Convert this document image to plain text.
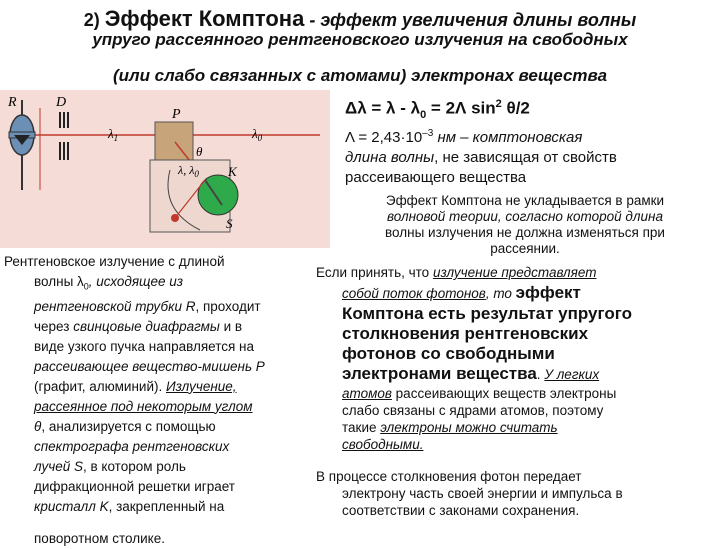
2) Эффект Комптона - эффект увеличения длины волны
упруго рассеянного рентгеновского излучения на свободных
(или слабо связанных с атомами) электронах вещества
R	D
P
$\lambda_1$	$\lambda_0$
θ
λ, $\lambda_0$ K
S
$\Delta\lambda = \lambda - \lambda_0 = 2\Lambda$ $\sin^2 \theta/2$
$\Lambda = 2,43\cdot 10^{-3}$ нм – комптоновская
длина волны, не зависящая от свойств
рассеивающего вещества
Эффект Комптона не укладывается в рамки
волновой теории, согласно которой длина
волны излучения не должна изменяться при
рассеянии.
Рентгеновское излучение с длиной
волны $\lambda_0$, исходящее из
рентгеновской трубки R, проходит
через свинцовые диафрагмы и в
виде узкого пучка направляется на
рассеивающее вещество-мишень P
(графит, алюминий). Излучение,
рассеянное под некоторым углом
θ, анализируется с помощью
спектрографа рентгеновских
лучей S, в котором роль
дифракционной решетки играет
кристалл K, закрепленный на
поворотном столике.
Если принять, что излучение представляет
собой поток фотонов, то эффект
Комптона есть результат упругого
столкновения рентгеновских
фотонов со свободными
электронами вещества. У легких
атомов рассеивающих веществ электроны
слабо связаны с ядрами атомов, поэтому
такие электроны можно считать
свободными.
В процессе столкновения фотон передает
электрону часть своей энергии и импульса в
соответствии с законами сохранения.
